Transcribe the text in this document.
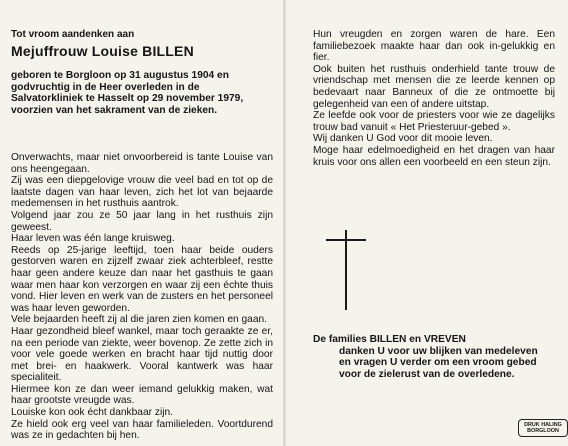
Tot vroom aandenken aan

Mejuffrouw Louise BILLEN

geboren te Borgloon op 31 augustus 1904 en
godvruchtig in de Heer overleden in de
Salvatorkliniek te Hasselt op 29 november 1979,
voorzien van het sakrament van de zieken.

Onverwachts, maar niet onvoorbereid is tante Louise van ons heengegaan.

Zij was een diepgelovige vrouw die veel bad en tot op de laatste dagen van haar leven, zich het lot van bejaarde medemensen in het rusthuis aantrok.

Volgend jaar zou ze 50 jaar lang in het rusthuis zijn geweest.

Haar leven was één lange kruisweg.

Reeds op 25-jarige leeftijd, toen haar beide ouders gestorven waren en zijzelf zwaar ziek achterbleef, restte haar geen andere keuze dan naar het gasthuis te gaan waar men haar kon verzorgen en waar zij een échte thuis vond. Hier leven en werk van de zusters en het personeel was haar leven geworden.

Vele bejaarden heeft zij al die jaren zien komen en gaan.

Haar gezondheid bleef wankel, maar toch geraakte ze er, na een periode van ziekte, weer bovenop. Ze zette zich in voor vele goede werken en bracht haar tijd nuttig door met brei- en haakwerk. Vooral kantwerk was haar specialiteit.

Hiermee kon ze dan weer iemand gelukkig maken, wat haar grootste vreugde was.

Louiske kon ook écht dankbaar zijn.

Ze hield ook erg veel van haar familieleden. Voortdurend was ze in gedachten bij hen.

Hun vreugden en zorgen waren de hare. Een familiebezoek maakte haar dan ook in-gelukkig en fier.

Ook buiten het rusthuis onderhield tante trouw de vriendschap met mensen die ze leerde kennen op bedevaart naar Banneux of die ze ontmoette bij gelegenheid van een of andere uitstap.

Ze leefde ook voor de priesters voor wie ze dagelijks trouw bad vanuit « Het Priesteruur-gebed ».

Wij danken U God voor dit mooie leven.

Moge haar edelmoedigheid en het dragen van haar kruis voor ons allen een voorbeeld en een steun zijn.

De families BILLEN en VREVEN
danken U voor uw blijken van medeleven
en vragen U verder om een vroom gebed
voor de zielerust van de overledene.
DRUK HALING
BORGLOON
